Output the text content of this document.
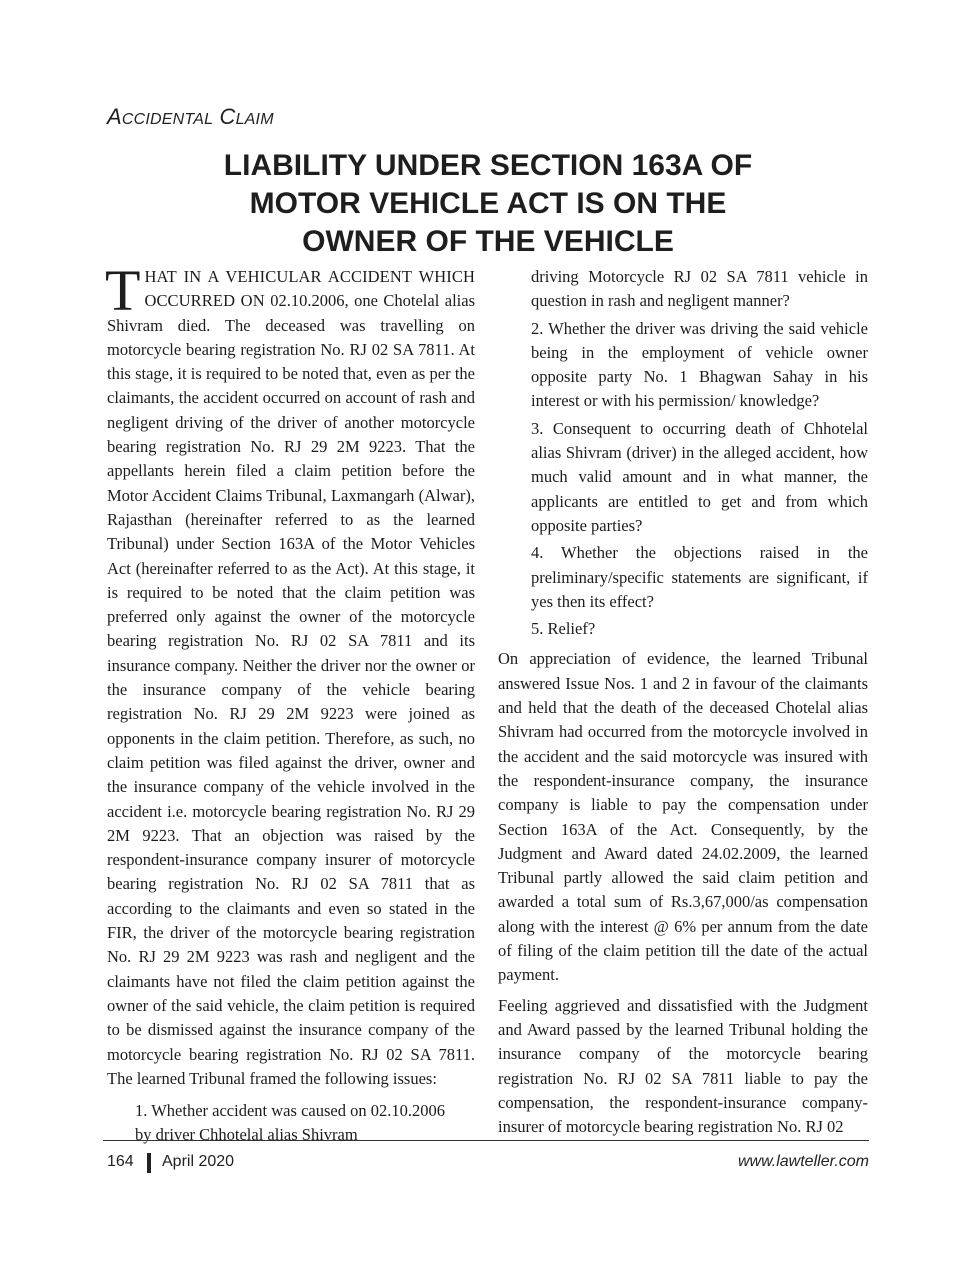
ACCIDENTAL CLAIM
LIABILITY UNDER SECTION 163A OF
MOTOR VEHICLE ACT IS ON THE
OWNER OF THE VEHICLE

THAT IN A VEHICULAR ACCIDENT WHICH OCCURRED ON 02.10.2006, one Chotelal alias Shivram died. The deceased was travelling on motorcycle bearing registration No. RJ 02 SA 7811. At this stage, it is required to be noted that, even as per the claimants, the accident occurred on account of rash and negligent driving of the driver of another motorcycle bearing registration No. RJ 29 2M 9223. That the appellants herein filed a claim petition before the Motor Accident Claims Tribunal, Laxmangarh (Alwar), Rajasthan (hereinafter referred to as the learned Tribunal) under Section 163A of the Motor Vehicles Act (hereinafter referred to as the Act). At this stage, it is required to be noted that the claim petition was preferred only against the owner of the motorcycle bearing registration No. RJ 02 SA 7811 and its insurance company. Neither the driver nor the owner or the insurance company of the vehicle bearing registration No. RJ 29 2M 9223 were joined as opponents in the claim petition. Therefore, as such, no claim petition was filed against the driver, owner and the insurance company of the vehicle involved in the accident i.e. motorcycle bearing registration No. RJ 29 2M 9223. That an objection was raised by the respondent-insurance company insurer of motorcycle bearing registration No. RJ 02 SA 7811 that as according to the claimants and even so stated in the FIR, the driver of the motorcycle bearing registration No. RJ 29 2M 9223 was rash and negligent and the claimants have not filed the claim petition against the owner of the said vehicle, the claim petition is required to be dismissed against the insurance company of the motorcycle bearing registration No. RJ 02 SA 7811. The learned Tribunal framed the following issues:

1. Whether accident was caused on 02.10.2006 by driver Chhotelal alias Shivram

driving Motorcycle RJ 02 SA 7811 vehicle in question in rash and negligent manner?

2. Whether the driver was driving the said vehicle being in the employment of vehicle owner opposite party No. 1 Bhagwan Sahay in his interest or with his permission/ knowledge?

3. Consequent to occurring death of Chhotelal alias Shivram (driver) in the alleged accident, how much valid amount and in what manner, the applicants are entitled to get and from which opposite parties?

4. Whether the objections raised in the preliminary/specific statements are significant, if yes then its effect?

5. Relief?

On appreciation of evidence, the learned Tribunal answered Issue Nos. 1 and 2 in favour of the claimants and held that the death of the deceased Chotelal alias Shivram had occurred from the motorcycle involved in the accident and the said motorcycle was insured with the respondent-insurance company, the insurance company is liable to pay the compensation under Section 163A of the Act. Consequently, by the Judgment and Award dated 24.02.2009, the learned Tribunal partly allowed the said claim petition and awarded a total sum of Rs.3,67,000/as compensation along with the interest @ 6% per annum from the date of filing of the claim petition till the date of the actual payment.

Feeling aggrieved and dissatisfied with the Judgment and Award passed by the learned Tribunal holding the insurance company of the motorcycle bearing registration No. RJ 02 SA 7811 liable to pay the compensation, the respondent-insurance company-insurer of motorcycle bearing registration No. RJ 02

164 April 2020	www.lawteller.com
